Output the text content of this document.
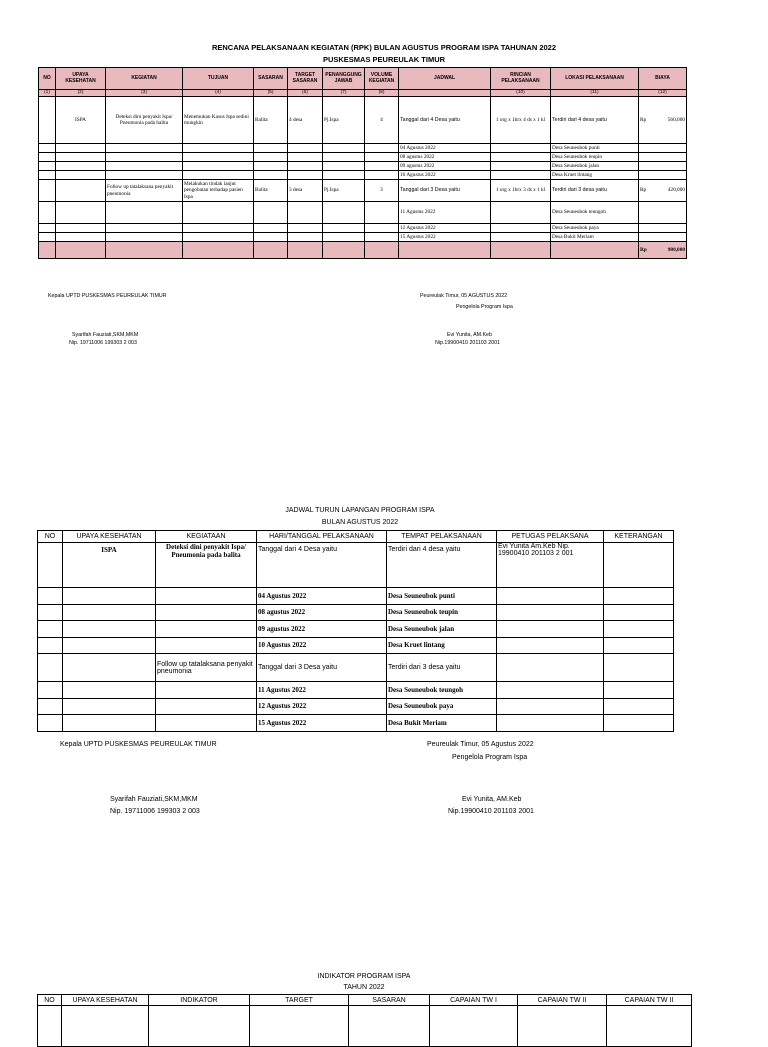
RENCANA PELAKSANAAN KEGIATAN (RPK) BULAN AGUSTUS PROGRAM ISPA TAHUNAN 2022
PUSKESMAS PEUREULAK TIMUR
NO	UPAYA KESEHATAN	KEGIATAN	TUJUAN	SASARAN	TARGET SASARAN	PENANGGUNG JAWAB	VOLUME KEGIATAN	JADWAL	RINCIAN PELAKSANAAN	LOKASI PELAKSANAAN	BIAYA
(1)	(2)	(3)	(4)	(5)	(6)	(7)	(8)		(10)	(11)	(12)
	ISPA	Deteksi dini penyakit Ispa/ Pneumonia pada balita	Menemukan Kasus Ispa sedini mungkin	Balita	4 desa	Pj.Ispa	4	Tanggal dari 4 Desa yaitu	1 org x 1hrx 4 ds x 1 kl	Terdiri dari 4 desa yaitu	Rp 560,000

								04 Agustus 2022		Desa Seuneubok punti	
								08 agustus 2022		Desa Seuneubok teupin	
								09 agustus 2022		Desa Seuneubok jalan	
								10 Agustus 2022		Desa Kruet lintang	
		Follow up tatalaksana penyakit pneumonia	Melakukan tindak lanjut pengobatan terhadap pasien Ispa	Balita	3 desa	Pj.Ispa	3	Tanggal dari 3 Desa yaitu	1 org x 1hrx 3 ds x 1 kl	Terdiri dari 3 desa yaitu	Rp 420,000

								11 Agustus 2022		Desa Seuneubok teungoh	
								12 Agustus 2022		Desa Seuneubok paya	
								15 Agustus 2022		Desa Bukit Meriam	
											Rp 980,000
Kepala UPTD PUSKESMAS PEUREULAK TIMUR	Peureulak Timur, 05 AGUSTUS 2022
Pengelola Program Ispa
Syarifah Fauziati,SKM,MKM
Nip. 19711006 199303 2 003
Evi Yunita, AM.Keb
Nip.19900410 201103 2001
JADWAL TURUN LAPANGAN PROGRAM ISPA
BULAN AGUSTUS 2022
NO	UPAYA KESEHATAN	KEGIATAAN	HARI/TANGGAL PELAKSANAAN	TEMPAT PELAKSANAAN	PETUGAS PELAKSANA	KETERANGAN
	ISPA	Deteksi dini penyakit Ispa/ Pneumonia pada balita	Tanggal dari 4 Desa yaitu	Terdiri dari 4 desa yaitu	Evi Yunita Am.Keb Nip. 19900410 201103 2 001	
			04 Agustus 2022	Desa Seuneubok punti		
			08 agustus 2022	Desa Seuneubok teupin		
			09 agustus 2022	Desa Seuneubok jalan		
			10 Agustus 2022	Desa Kruet lintang		
		Follow up tatalaksana penyakit pneumonia	Tanggal dari 3 Desa yaitu	Terdiri dari 3 desa yaitu		
			11 Agustus 2022	Desa Seuneubok teungoh		
			12 Agustus 2022	Desa Seuneubok paya		
			15 Agustus 2022	Desa Bukit Meriam		
Kepala UPTD PUSKESMAS PEUREULAK TIMUR	Peureulak Timur, 05 Agustus 2022
Pengelola Program Ispa
Syarifah Fauziati,SKM,MKM
Nip. 19711006 199303 2 003
Evi Yunita, AM.Keb
Nip.19900410 201103 2001
INDIKATOR PROGRAM ISPA
TAHUN 2022
NO	UPAYA KESEHATAN	INDIKATOR	TARGET	SASARAN	CAPAIAN TW I	CAPAIAN TW II	CAPAIAN TW II
